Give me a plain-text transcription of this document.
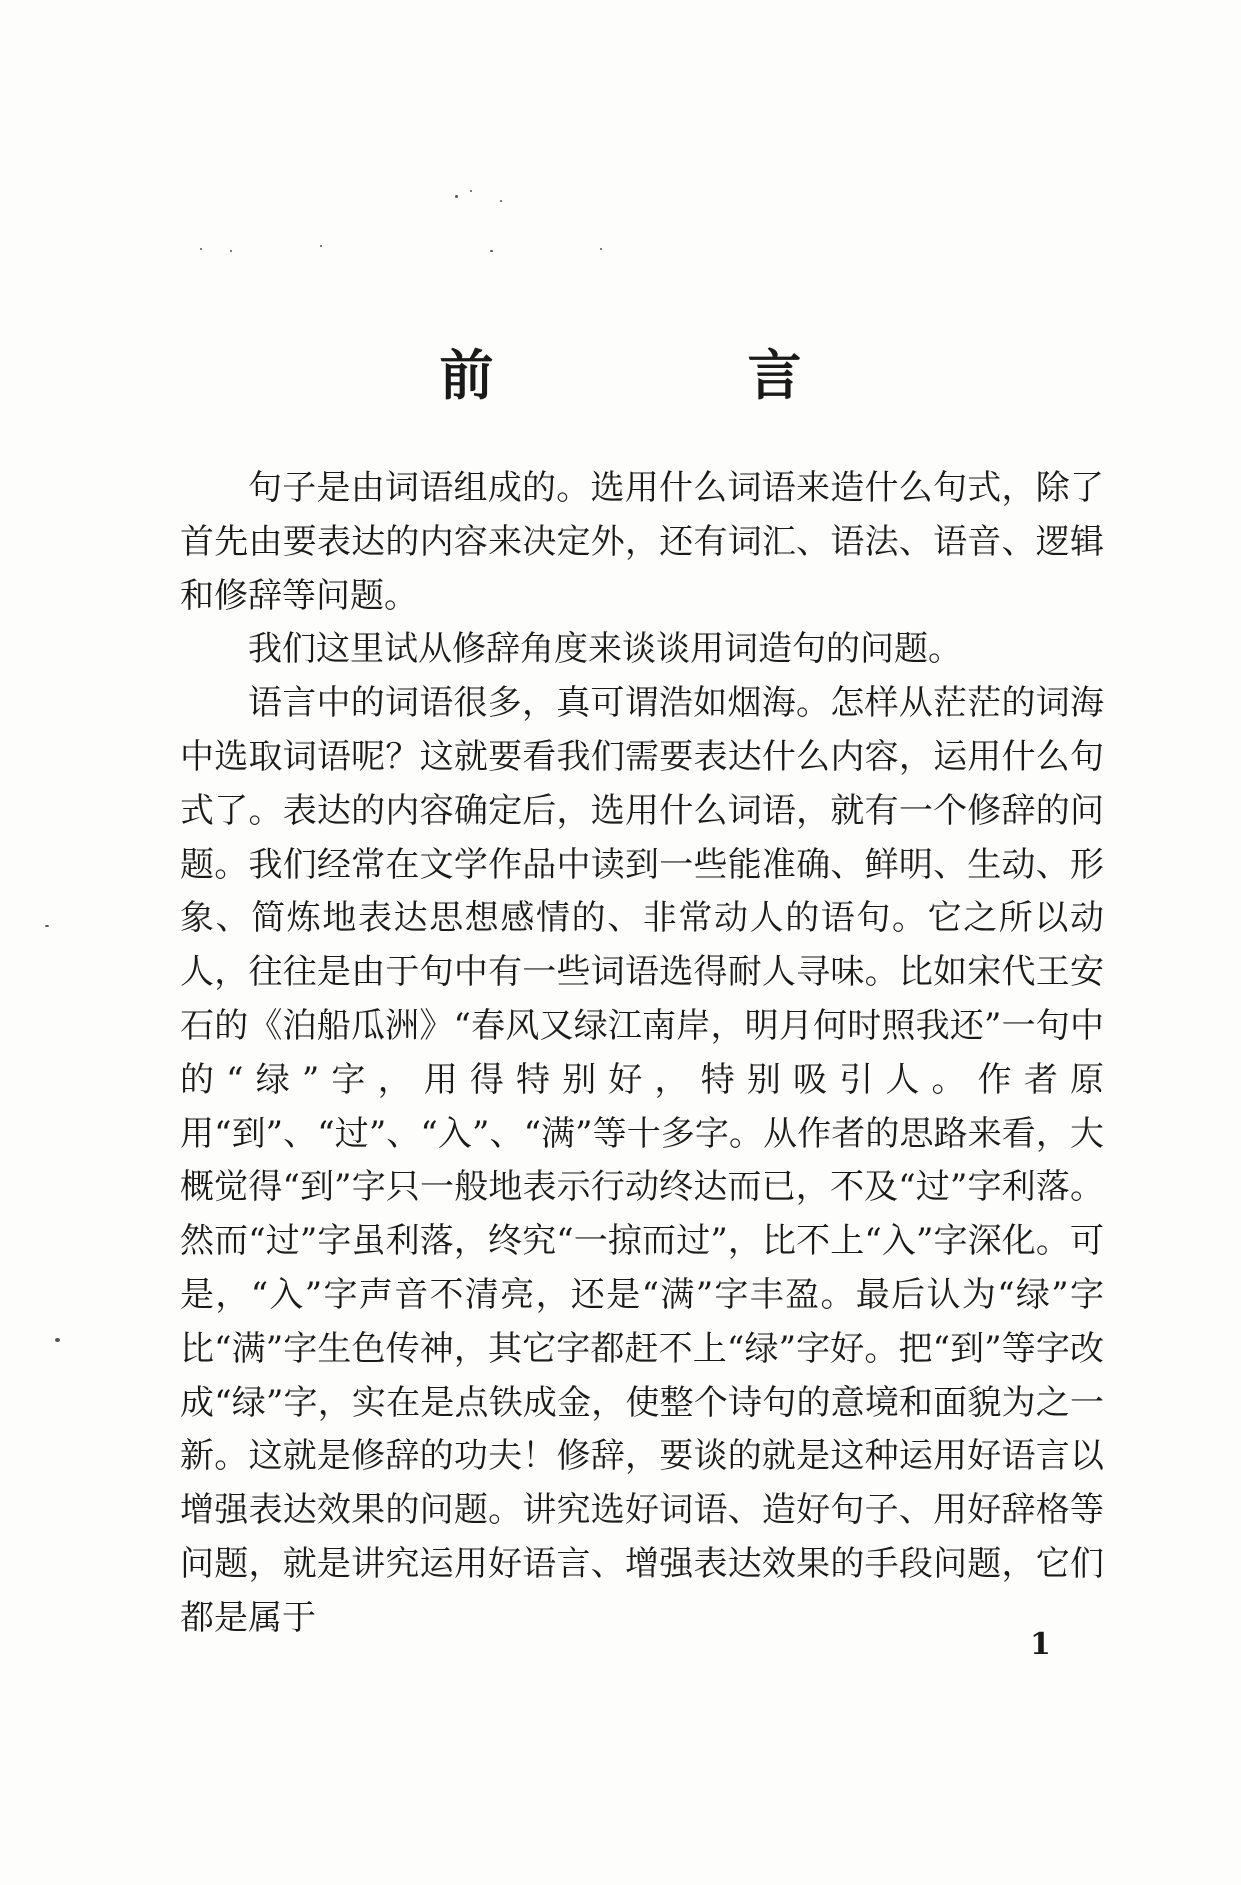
前　言

句子是由词语组成的。选用什么词语来造什么句式，除了首先由要表达的内容来决定外，还有词汇、语法、语音、逻辑和修辞等问题。

我们这里试从修辞角度来谈谈用词造句的问题。

语言中的词语很多，真可谓浩如烟海。怎样从茫茫的词海中选取词语呢？这就要看我们需要表达什么内容，运用什么句式了。表达的内容确定后，选用什么词语，就有一个修辞的问题。我们经常在文学作品中读到一些能准确、鲜明、生动、形象、简炼地表达思想感情的、非常动人的语句。它之所以动人，往往是由于句中有一些词语选得耐人寻味。比如宋代王安石的《泊船瓜洲》“春风又绿江南岸，明月何时照我还”一句中的“绿”字，用得特别好，特别吸引人。作者原用“到”、“过”、“入”、“满”等十多字。从作者的思路来看，大概觉得“到”字只一般地表示行动终达而已，不及“过”字利落。然而“过”字虽利落，终究“一掠而过”，比不上“入”字深化。可是，“入”字声音不清亮，还是“满”字丰盈。最后认为“绿”字比“满”字生色传神，其它字都赶不上“绿”字好。把“到”等字改成“绿”字，实在是点铁成金，使整个诗句的意境和面貌为之一新。这就是修辞的功夫！修辞，要谈的就是这种运用好语言以增强表达效果的问题。讲究选好词语、造好句子、用好辞格等问题，就是讲究运用好语言、增强表达效果的手段问题，它们都是属于

1
